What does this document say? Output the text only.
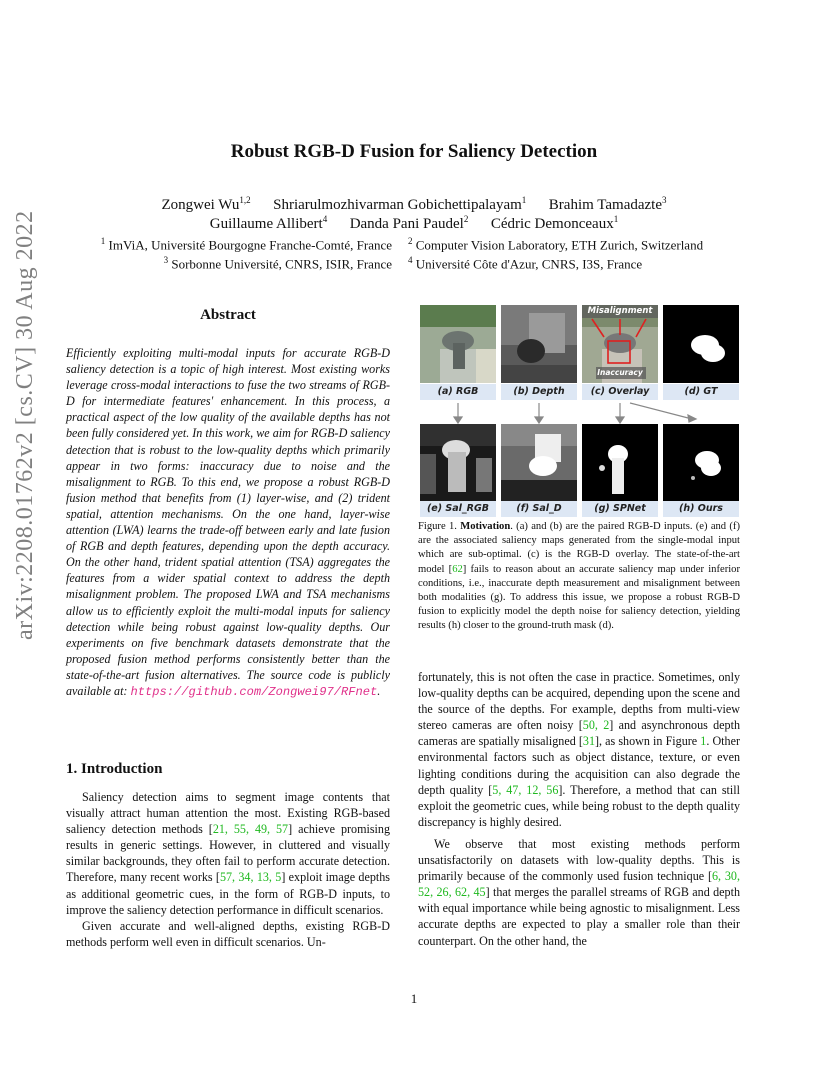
arXiv:2208.01762v2 [cs.CV] 30 Aug 2022
Robust RGB-D Fusion for Saliency Detection
Zongwei Wu$^{1,2}$ Shriarulmozhivarman Gobichettipalayam$^1$ Brahim Tamadazte$^3$
Guillaume Allibert$^4$ Danda Pani Paudel$^2$ Cédric Demonceaux$^1$
$^1$ ImViA, Université Bourgogne Franche-Comté, France $^2$ Computer Vision Laboratory, ETH Zurich, Switzerland
$^3$ Sorbonne Université, CNRS, ISIR, France $^4$ Université Côte d'Azur, CNRS, I3S, France
Abstract
Efficiently exploiting multi-modal inputs for accurate RGB-D saliency detection is a topic of high interest. Most existing works leverage cross-modal interactions to fuse the two streams of RGB-D for intermediate features' enhancement. In this process, a practical aspect of the low quality of the available depths has not been fully considered yet. In this work, we aim for RGB-D saliency detection that is robust to the low-quality depths which primarily appear in two forms: inaccuracy due to noise and the misalignment to RGB. To this end, we propose a robust RGB-D fusion method that benefits from (1) layer-wise, and (2) trident spatial, attention mechanisms. On the one hand, layer-wise attention (LWA) learns the trade-off between early and late fusion of RGB and depth features, depending upon the depth accuracy. On the other hand, trident spatial attention (TSA) aggregates the features from a wider spatial context to address the depth misalignment problem. The proposed LWA and TSA mechanisms allow us to efficiently exploit the multi-modal inputs for saliency detection while being robust against low-quality depths. Our experiments on five benchmark datasets demonstrate that the proposed fusion method performs consistently better than the state-of-the-art fusion alternatives. The source code is publicly available at: https://github.com/Zongwei97/RFnet.
1. Introduction

Saliency detection aims to segment image contents that visually attract human attention the most. Existing RGB-based saliency detection methods [21, 55, 49, 57] achieve promising results in generic settings. However, in cluttered and visually similar backgrounds, they often fail to perform accurate detection. Therefore, many recent works [57, 34, 13, 5] exploit image depths as additional geometric cues, in the form of RGB-D inputs, to improve the saliency detection performance in difficult scenarios.

Given accurate and well-aligned depths, existing RGB-D methods perform well even in difficult scenarios. Un-

Misalignment
Inaccuracy
(a) RGB	(b) Depth	(c) Overlay	(d) GT
(e) Sal_RGB	(f) Sal_D	(g) SPNet	(h) Ours
Figure 1. Motivation. (a) and (b) are the paired RGB-D inputs. (e) and (f) are the associated saliency maps generated from the single-modal input which are sub-optimal. (c) is the RGB-D overlay. The state-of-the-art model [62] fails to reason about an accurate saliency map under inferior conditions, i.e., inaccurate depth measurement and misalignment between both modalities (g). To address this issue, we propose a robust RGB-D fusion to explicitly model the depth noise for saliency detection, yielding results (h) closer to the ground-truth mask (d).

fortunately, this is not often the case in practice. Sometimes, only low-quality depths can be acquired, depending upon the scene and the source of the depths. For example, depths from multi-view stereo cameras are often noisy [50, 2] and asynchronous depth cameras are spatially misaligned [31], as shown in Figure 1. Other environmental factors such as object distance, texture, or even lighting conditions during the acquisition can also degrade the depth quality [5, 47, 12, 56]. Therefore, a method that can still exploit the geometric cues, while being robust to the depth quality discrepancy is highly desired.

We observe that most existing methods perform unsatisfactorily on datasets with low-quality depths. This is primarily because of the commonly used fusion technique [6, 30, 52, 26, 62, 45] that merges the parallel streams of RGB and depth with equal importance while being agnostic to misalignment. Less accurate depths are expected to play a smaller role than their counterpart. On the other hand, the

1
